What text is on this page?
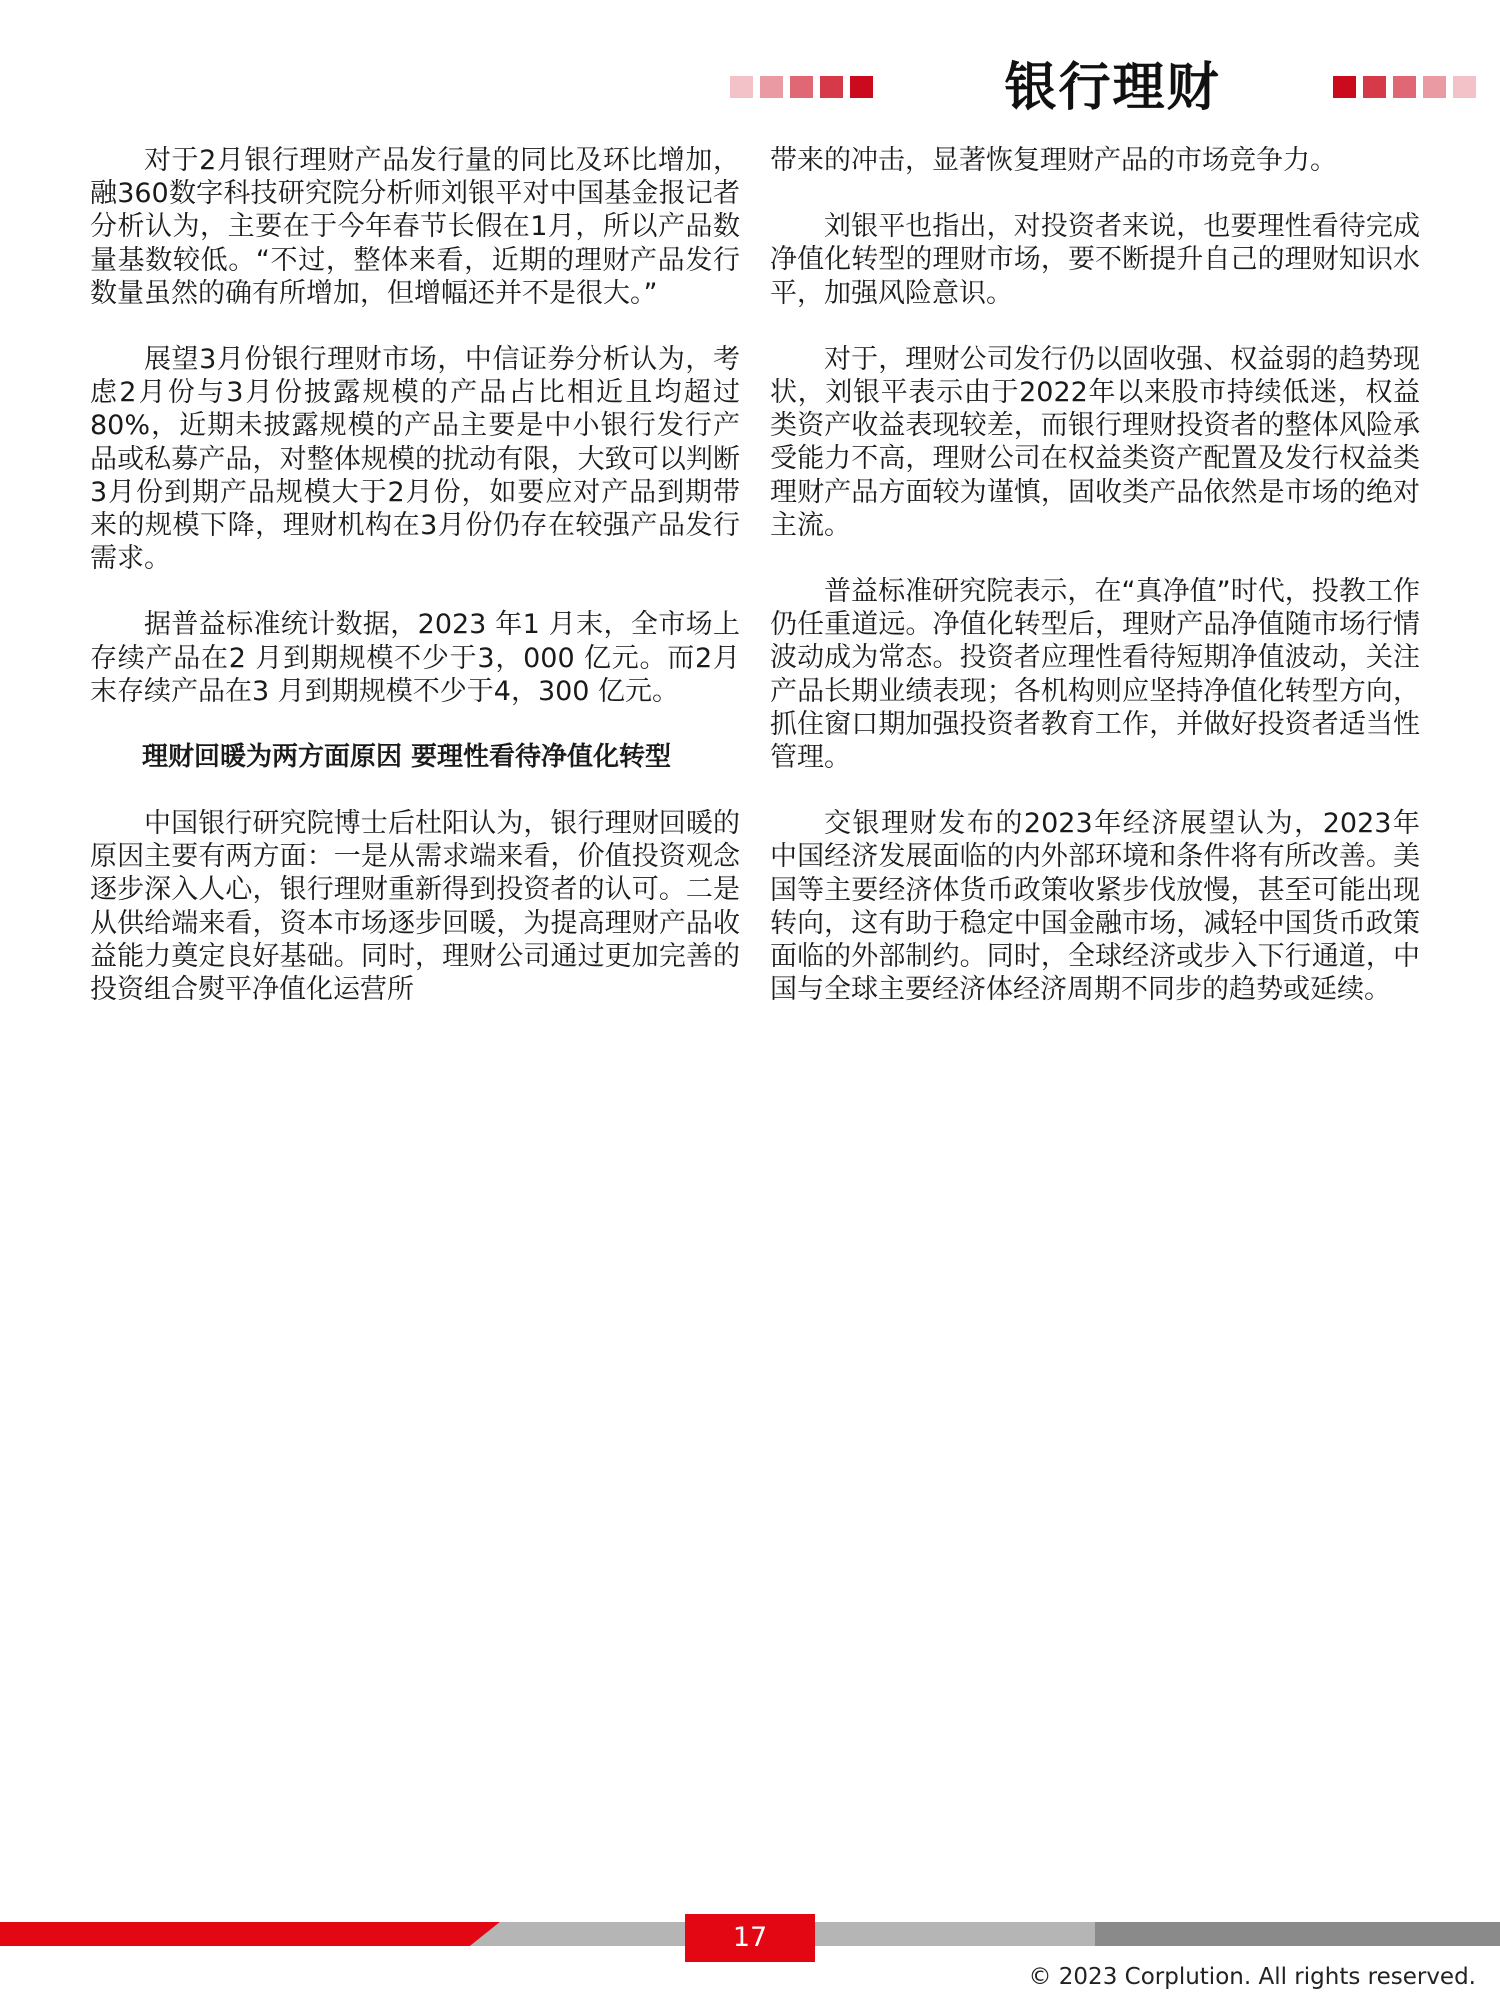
银行理财

对于2月银行理财产品发行量的同比及环比增加，融360数字科技研究院分析师刘银平对中国基金报记者分析认为，主要在于今年春节长假在1月，所以产品数量基数较低。“不过，整体来看，近期的理财产品发行数量虽然的确有所增加，但增幅还并不是很大。”

展望3月份银行理财市场，中信证券分析认为，考虑2月份与3月份披露规模的产品占比相近且均超过80%，近期未披露规模的产品主要是中小银行发行产品或私募产品，对整体规模的扰动有限，大致可以判断3月份到期产品规模大于2月份，如要应对产品到期带来的规模下降，理财机构在3月份仍存在较强产品发行需求。

据普益标准统计数据，2023 年1 月末，全市场上存续产品在2 月到期规模不少于3，000 亿元。而2月末存续产品在3 月到期规模不少于4，300 亿元。

理财回暖为两方面原因 要理性看待净值化转型

中国银行研究院博士后杜阳认为，银行理财回暖的原因主要有两方面：一是从需求端来看，价值投资观念逐步深入人心，银行理财重新得到投资者的认可。二是从供给端来看，资本市场逐步回暖，为提高理财产品收益能力奠定良好基础。同时，理财公司通过更加完善的投资组合熨平净值化运营所

带来的冲击，显著恢复理财产品的市场竞争力。

刘银平也指出，对投资者来说，也要理性看待完成净值化转型的理财市场，要不断提升自己的理财知识水平，加强风险意识。

对于，理财公司发行仍以固收强、权益弱的趋势现状，刘银平表示由于2022年以来股市持续低迷，权益类资产收益表现较差，而银行理财投资者的整体风险承受能力不高，理财公司在权益类资产配置及发行权益类理财产品方面较为谨慎，固收类产品依然是市场的绝对主流。

普益标准研究院表示，在“真净值”时代，投教工作仍任重道远。净值化转型后，理财产品净值随市场行情波动成为常态。投资者应理性看待短期净值波动，关注产品长期业绩表现；各机构则应坚持净值化转型方向，抓住窗口期加强投资者教育工作，并做好投资者适当性管理。

交银理财发布的2023年经济展望认为，2023年中国经济发展面临的内外部环境和条件将有所改善。美国等主要经济体货币政策收紧步伐放慢，甚至可能出现转向，这有助于稳定中国金融市场，减轻中国货币政策面临的外部制约。同时，全球经济或步入下行通道，中国与全球主要经济体经济周期不同步的趋势或延续。

17
© 2023 Corplution. All rights reserved.
